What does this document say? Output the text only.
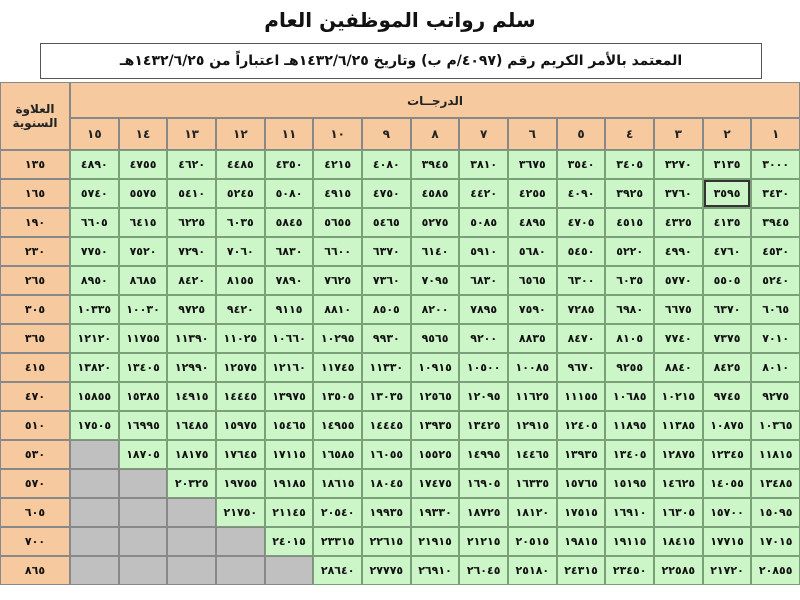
سلم رواتب الموظفين العام
المعتمد بالأمر الكريم رقم (٤٠٩٧/م ب) وتاريخ ١٤٣٢/٦/٢٥هـ اعتباراً من ١٤٣٢/٦/٢٥هـ
الدرجــات
العلاوة السنوية
١
٢
٣
٤
٥
٦
٧
٨
٩
١٠
١١
١٢
١٣
١٤
١٥
٣٠٠٠
٣١٣٥
٣٢٧٠
٣٤٠٥
٣٥٤٠
٣٦٧٥
٣٨١٠
٣٩٤٥
٤٠٨٠
٤٢١٥
٤٣٥٠
٤٤٨٥
٤٦٢٠
٤٧٥٥
٤٨٩٠
١٣٥
٣٤٣٠
٣٥٩٥
٣٧٦٠
٣٩٢٥
٤٠٩٠
٤٢٥٥
٤٤٢٠
٤٥٨٥
٤٧٥٠
٤٩١٥
٥٠٨٠
٥٢٤٥
٥٤١٠
٥٥٧٥
٥٧٤٠
١٦٥
٣٩٤٥
٤١٣٥
٤٣٢٥
٤٥١٥
٤٧٠٥
٤٨٩٥
٥٠٨٥
٥٢٧٥
٥٤٦٥
٥٦٥٥
٥٨٤٥
٦٠٣٥
٦٢٢٥
٦٤١٥
٦٦٠٥
١٩٠
٤٥٣٠
٤٧٦٠
٤٩٩٠
٥٢٢٠
٥٤٥٠
٥٦٨٠
٥٩١٠
٦١٤٠
٦٣٧٠
٦٦٠٠
٦٨٣٠
٧٠٦٠
٧٢٩٠
٧٥٢٠
٧٧٥٠
٢٣٠
٥٢٤٠
٥٥٠٥
٥٧٧٠
٦٠٣٥
٦٣٠٠
٦٥٦٥
٦٨٣٠
٧٠٩٥
٧٣٦٠
٧٦٢٥
٧٨٩٠
٨١٥٥
٨٤٢٠
٨٦٨٥
٨٩٥٠
٢٦٥
٦٠٦٥
٦٣٧٠
٦٦٧٥
٦٩٨٠
٧٢٨٥
٧٥٩٠
٧٨٩٥
٨٢٠٠
٨٥٠٥
٨٨١٠
٩١١٥
٩٤٢٠
٩٧٢٥
١٠٠٣٠
١٠٣٣٥
٣٠٥
٧٠١٠
٧٣٧٥
٧٧٤٠
٨١٠٥
٨٤٧٠
٨٨٣٥
٩٢٠٠
٩٥٦٥
٩٩٣٠
١٠٢٩٥
١٠٦٦٠
١١٠٢٥
١١٣٩٠
١١٧٥٥
١٢١٢٠
٣٦٥
٨٠١٠
٨٤٢٥
٨٨٤٠
٩٢٥٥
٩٦٧٠
١٠٠٨٥
١٠٥٠٠
١٠٩١٥
١١٣٣٠
١١٧٤٥
١٢١٦٠
١٢٥٧٥
١٢٩٩٠
١٣٤٠٥
١٣٨٢٠
٤١٥
٩٢٧٥
٩٧٤٥
١٠٢١٥
١٠٦٨٥
١١١٥٥
١١٦٢٥
١٢٠٩٥
١٢٥٦٥
١٣٠٣٥
١٣٥٠٥
١٣٩٧٥
١٤٤٤٥
١٤٩١٥
١٥٣٨٥
١٥٨٥٥
٤٧٠
١٠٣٦٥
١٠٨٧٥
١١٣٨٥
١١٨٩٥
١٢٤٠٥
١٢٩١٥
١٣٤٢٥
١٣٩٣٥
١٤٤٤٥
١٤٩٥٥
١٥٤٦٥
١٥٩٧٥
١٦٤٨٥
١٦٩٩٥
١٧٥٠٥
٥١٠
١١٨١٥
١٢٣٤٥
١٢٨٧٥
١٣٤٠٥
١٣٩٣٥
١٤٤٦٥
١٤٩٩٥
١٥٥٢٥
١٦٠٥٥
١٦٥٨٥
١٧١١٥
١٧٦٤٥
١٨١٧٥
١٨٧٠٥
٥٣٠
١٣٤٨٥
١٤٠٥٥
١٤٦٢٥
١٥١٩٥
١٥٧٦٥
١٦٣٣٥
١٦٩٠٥
١٧٤٧٥
١٨٠٤٥
١٨٦١٥
١٩١٨٥
١٩٧٥٥
٢٠٣٢٥
٥٧٠
١٥٠٩٥
١٥٧٠٠
١٦٣٠٥
١٦٩١٠
١٧٥١٥
١٨١٢٠
١٨٧٢٥
١٩٣٣٠
١٩٩٣٥
٢٠٥٤٠
٢١١٤٥
٢١٧٥٠
٦٠٥
١٧٠١٥
١٧٧١٥
١٨٤١٥
١٩١١٥
١٩٨١٥
٢٠٥١٥
٢١٢١٥
٢١٩١٥
٢٢٦١٥
٢٣٣١٥
٢٤٠١٥
٧٠٠
٢٠٨٥٥
٢١٧٢٠
٢٢٥٨٥
٢٣٤٥٠
٢٤٣١٥
٢٥١٨٠
٢٦٠٤٥
٢٦٩١٠
٢٧٧٧٥
٢٨٦٤٠
٨٦٥
